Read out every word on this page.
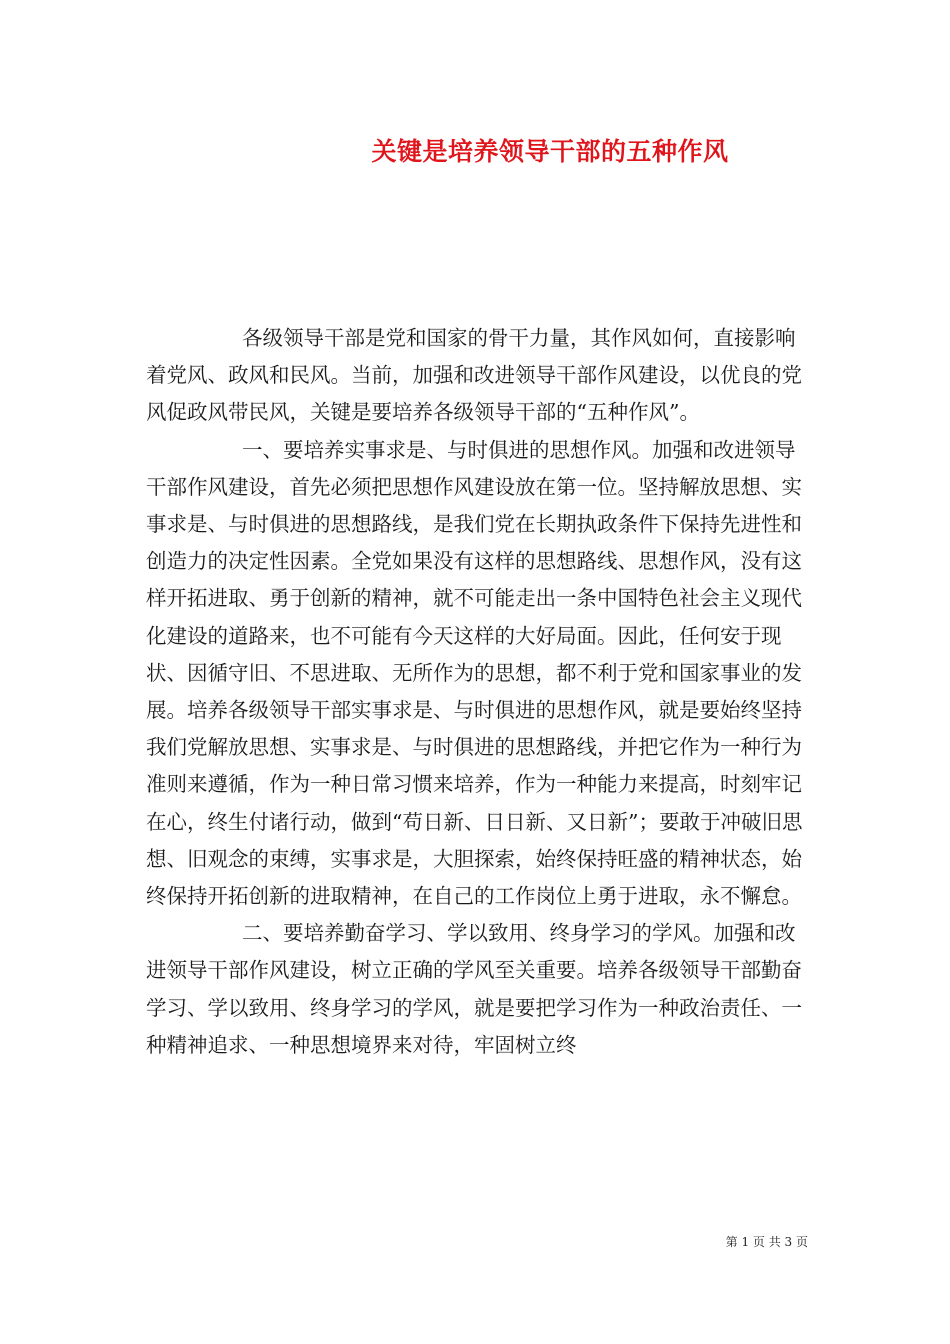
关键是培养领导干部的五种作风

各级领导干部是党和国家的骨干力量，其作风如何，直接影响着党风、政风和民风。当前，加强和改进领导干部作风建设，以优良的党风促政风带民风，关键是要培养各级领导干部的“五种作风”。

一、要培养实事求是、与时俱进的思想作风。加强和改进领导干部作风建设，首先必须把思想作风建设放在第一位。坚持解放思想、实事求是、与时俱进的思想路线，是我们党在长期执政条件下保持先进性和创造力的决定性因素。全党如果没有这样的思想路线、思想作风，没有这样开拓进取、勇于创新的精神，就不可能走出一条中国特色社会主义现代化建设的道路来，也不可能有今天这样的大好局面。因此，任何安于现状、因循守旧、不思进取、无所作为的思想，都不利于党和国家事业的发展。培养各级领导干部实事求是、与时俱进的思想作风，就是要始终坚持我们党解放思想、实事求是、与时俱进的思想路线，并把它作为一种行为准则来遵循，作为一种日常习惯来培养，作为一种能力来提高，时刻牢记在心，终生付诸行动，做到“苟日新、日日新、又日新”；要敢于冲破旧思想、旧观念的束缚，实事求是，大胆探索，始终保持旺盛的精神状态，始终保持开拓创新的进取精神，在自己的工作岗位上勇于进取，永不懈怠。

二、要培养勤奋学习、学以致用、终身学习的学风。加强和改进领导干部作风建设，树立正确的学风至关重要。培养各级领导干部勤奋学习、学以致用、终身学习的学风，就是要把学习作为一种政治责任、一种精神追求、一种思想境界来对待，牢固树立终

第 1 页 共 3 页
